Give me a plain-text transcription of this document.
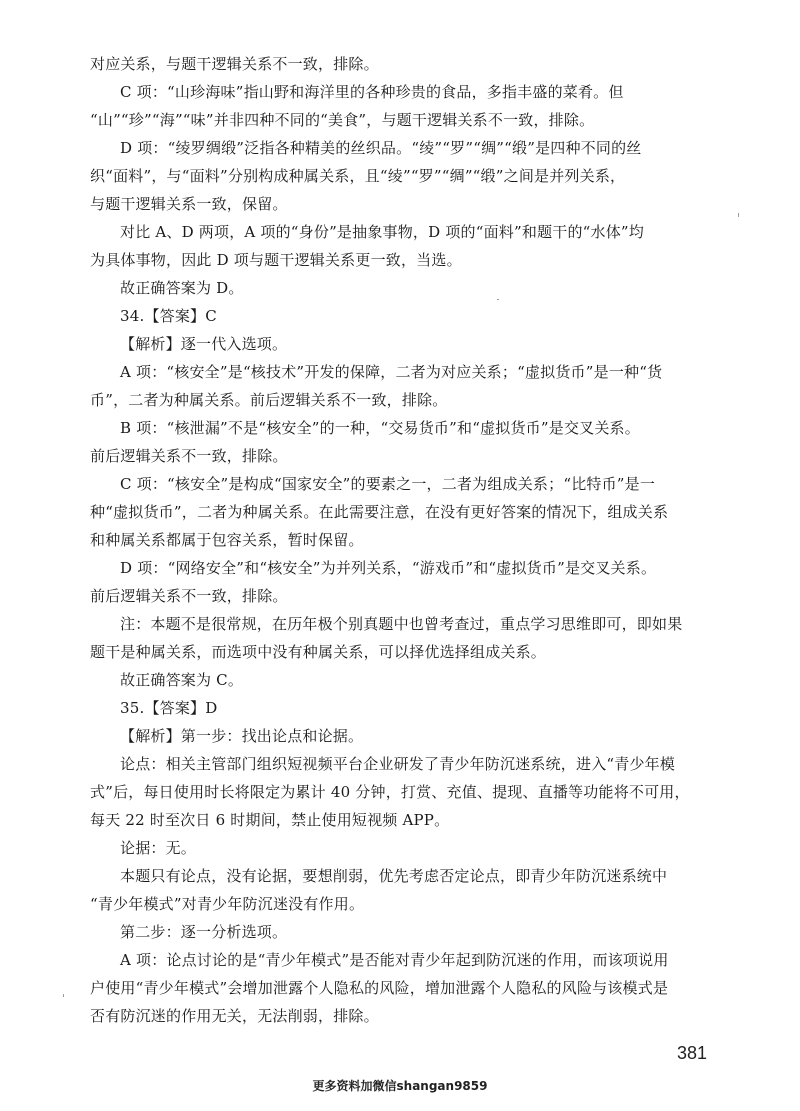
对应关系，与题干逻辑关系不一致，排除。
C 项：“山珍海味”指山野和海洋里的各种珍贵的食品，多指丰盛的菜肴。但
“山”“珍”“海”“味”并非四种不同的“美食”，与题干逻辑关系不一致，排除。
D 项：“绫罗绸缎”泛指各种精美的丝织品。“绫”“罗”“绸”“缎”是四种不同的丝
织“面料”，与“面料”分别构成种属关系，且“绫”“罗”“绸”“缎”之间是并列关系，
与题干逻辑关系一致，保留。
对比 A、D 两项，A 项的“身份”是抽象事物，D 项的“面料”和题干的“水体”均
为具体事物，因此 D 项与题干逻辑关系更一致，当选。
故正确答案为 D。
34.【答案】C
【解析】逐一代入选项。
A 项：“核安全”是“核技术”开发的保障，二者为对应关系；“虚拟货币”是一种“货
币”，二者为种属关系。前后逻辑关系不一致，排除。
B 项：“核泄漏”不是“核安全”的一种，“交易货币”和“虚拟货币”是交叉关系。
前后逻辑关系不一致，排除。
C 项：“核安全”是构成“国家安全”的要素之一，二者为组成关系；“比特币”是一
种“虚拟货币”，二者为种属关系。在此需要注意，在没有更好答案的情况下，组成关系
和种属关系都属于包容关系，暂时保留。
D 项：“网络安全”和“核安全”为并列关系，“游戏币”和“虚拟货币”是交叉关系。
前后逻辑关系不一致，排除。
注：本题不是很常规，在历年极个别真题中也曾考查过，重点学习思维即可，即如果
题干是种属关系，而选项中没有种属关系，可以择优选择组成关系。
故正确答案为 C。
35.【答案】D
【解析】第一步：找出论点和论据。
论点：相关主管部门组织短视频平台企业研发了青少年防沉迷系统，进入“青少年模
式”后，每日使用时长将限定为累计 40 分钟，打赏、充值、提现、直播等功能将不可用，
每天 22 时至次日 6 时期间，禁止使用短视频 APP。
论据：无。
本题只有论点，没有论据，要想削弱，优先考虑否定论点，即青少年防沉迷系统中
“青少年模式”对青少年防沉迷没有作用。
第二步：逐一分析选项。
A 项：论点讨论的是“青少年模式”是否能对青少年起到防沉迷的作用，而该项说用
户使用“青少年模式”会增加泄露个人隐私的风险，增加泄露个人隐私的风险与该模式是
否有防沉迷的作用无关，无法削弱，排除。
381
更多资料加微信shangan9859
